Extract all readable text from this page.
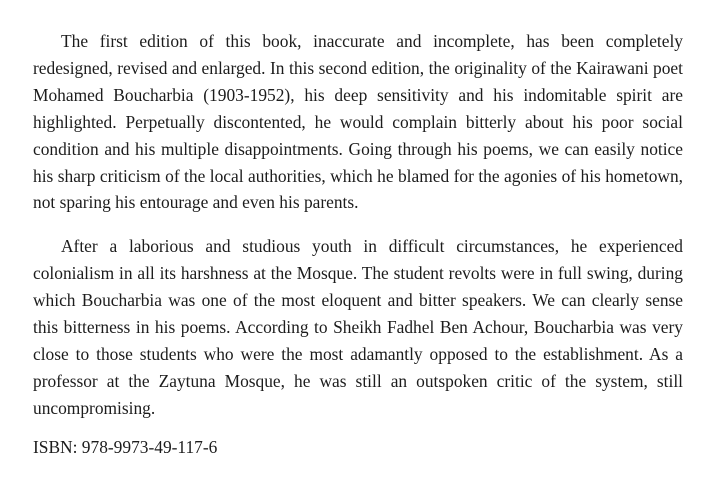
The first edition of this book, inaccurate and incomplete, has been completely redesigned, revised and enlarged. In this second edition, the originality of the Kairawani poet Mohamed Boucharbia (1903-1952), his deep sensitivity and his indomitable spirit are highlighted. Perpetually discontented, he would complain bitterly about his poor social condition and his multiple disappointments. Going through his poems, we can easily notice his sharp criticism of the local authorities, which he blamed for the agonies of his hometown, not sparing his entourage and even his parents.

After a laborious and studious youth in difficult circumstances, he experienced colonialism in all its harshness at the Mosque. The student revolts were in full swing, during which Boucharbia was one of the most eloquent and bitter speakers. We can clearly sense this bitterness in his poems. According to Sheikh Fadhel Ben Achour, Boucharbia was very close to those students who were the most adamantly opposed to the establishment. As a professor at the Zaytuna Mosque, he was still an outspoken critic of the system, still uncompromising.

ISBN: 978-9973-49-117-6
